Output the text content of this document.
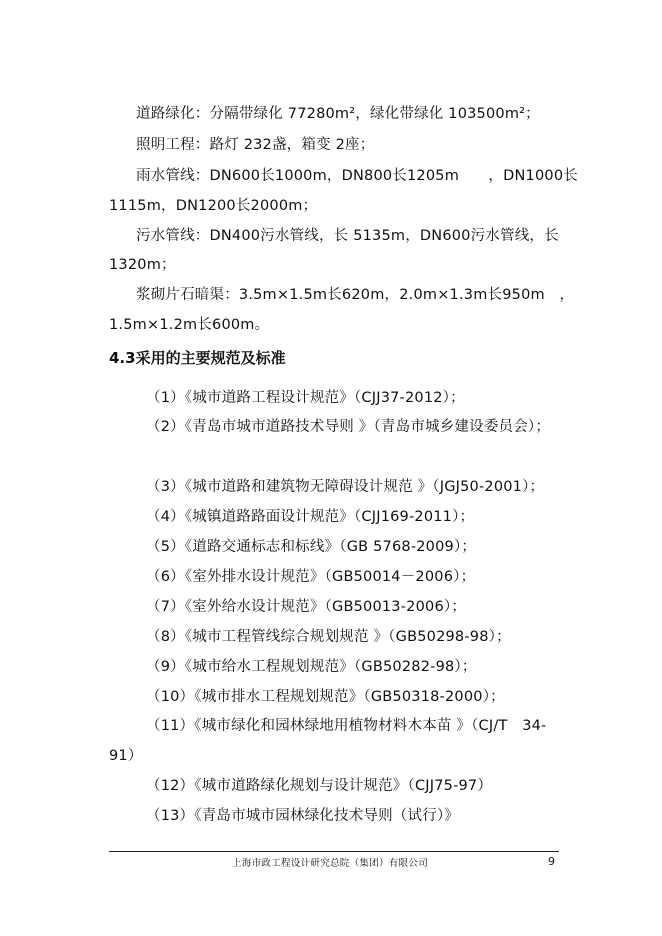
道路绿化：分隔带绿化 77280m²，绿化带绿化 103500m²；
照明工程：路灯 232盏，箱变 2座；
雨水管线：DN600长1000m，DN800长1205m　　，DN1000长
1115m，DN1200长2000m；
污水管线：DN400污水管线，长 5135m，DN600污水管线，长
1320m；
浆砌片石暗渠：3.5m×1.5m长620m，2.0m×1.3m长950m　，
1.5m×1.2m长600m。
4.3采用的主要规范及标准
（1）《城市道路工程设计规范》（CJJ37-2012）；
（2）《青岛市城市道路技术导则 》（青岛市城乡建设委员会）；
（3）《城市道路和建筑物无障碍设计规范 》（JGJ50-2001）；
（4）《城镇道路路面设计规范》（CJJ169-2011）；
（5）《道路交通标志和标线》（GB 5768-2009）；
（6）《室外排水设计规范》（GB50014－2006）；
（7）《室外给水设计规范》（GB50013-2006）；
（8）《城市工程管线综合规划规范 》（GB50298-98）；
（9）《城市给水工程规划规范》（GB50282-98）；
（10）《城市排水工程规划规范》（GB50318-2000）；
（11）《城市绿化和园林绿地用植物材料木本苗 》（CJ/T　34-
91）
（12）《城市道路绿化规划与设计规范》（CJJ75-97）
（13）《青岛市城市园林绿化技术导则（试行）》
上海市政工程设计研究总院（集团）有限公司	9
